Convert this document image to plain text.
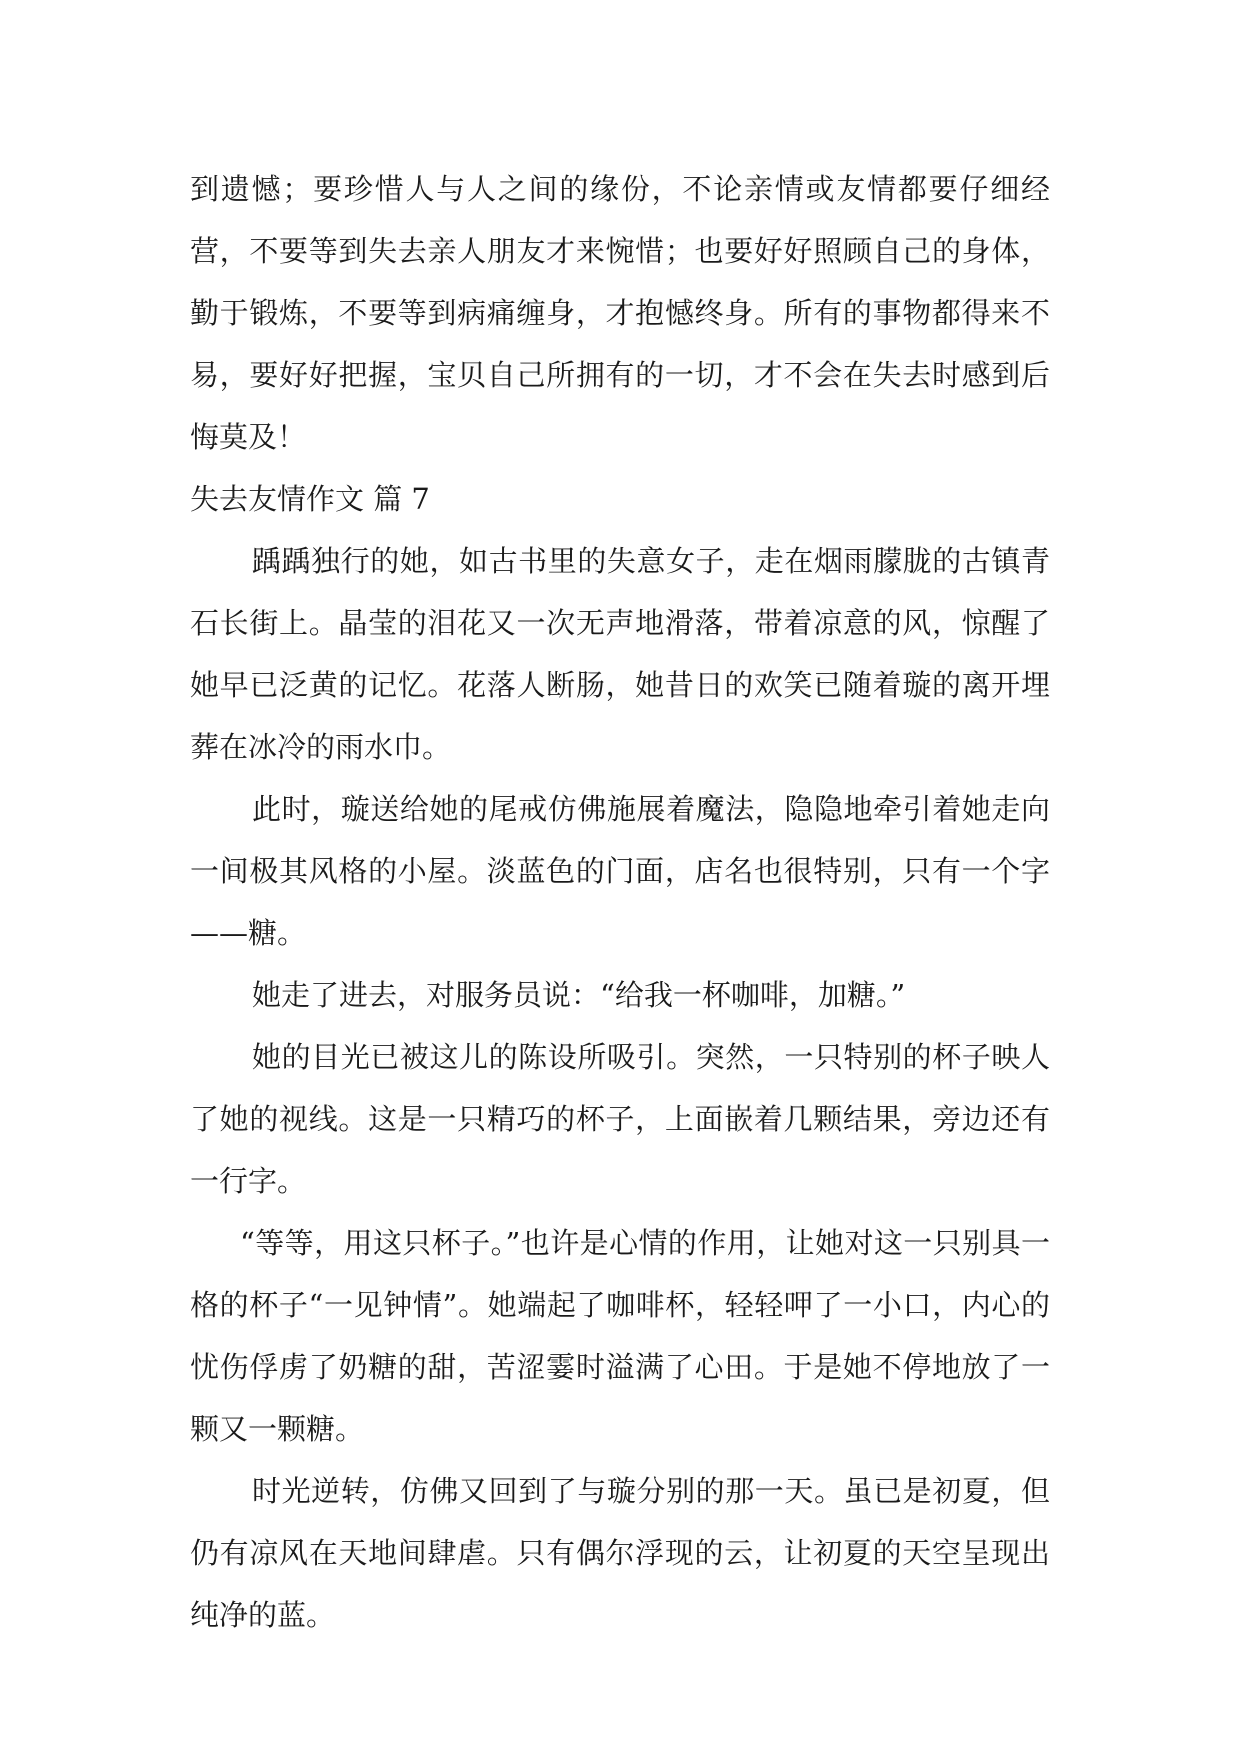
到遗憾；要珍惜人与人之间的缘份，不论亲情或友情都要仔细经营，不要等到失去亲人朋友才来惋惜；也要好好照顾自己的身体，勤于锻炼，不要等到病痛缠身，才抱憾终身。所有的事物都得来不易，要好好把握，宝贝自己所拥有的一切，才不会在失去时感到后悔莫及！

失去友情作文 篇 7

踽踽独行的她，如古书里的失意女子，走在烟雨朦胧的古镇青石长街上。晶莹的泪花又一次无声地滑落，带着凉意的风，惊醒了她早已泛黄的记忆。花落人断肠，她昔日的欢笑已随着璇的离开埋葬在冰冷的雨水巾。

此时，璇送给她的尾戒仿佛施展着魔法，隐隐地牵引着她走向一间极其风格的小屋。淡蓝色的门面，店名也很特别，只有一个字——糖。

她走了进去，对服务员说：“给我一杯咖啡，加糖。”

她的目光已被这儿的陈设所吸引。突然，一只特别的杯子映人了她的视线。这是一只精巧的杯子，上面嵌着几颗结果，旁边还有一行字。

“等等，用这只杯子。”也许是心情的作用，让她对这一只别具一格的杯子“一见钟情”。她端起了咖啡杯，轻轻呷了一小口，内心的忧伤俘虏了奶糖的甜，苦涩霎时溢满了心田。于是她不停地放了一颗又一颗糖。

时光逆转，仿佛又回到了与璇分别的那一天。虽已是初夏，但仍有凉风在天地间肆虐。只有偶尔浮现的云，让初夏的天空呈现出纯净的蓝。
